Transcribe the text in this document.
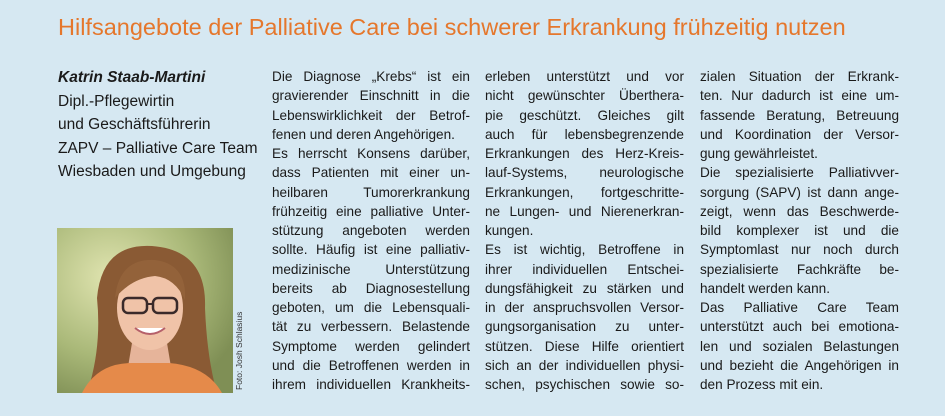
Hilfsangebote der Palliative Care bei schwerer Erkrankung frühzeitig nutzen
Katrin Staab-Martini
Dipl.-Pflegewirtin
und Geschäftsführerin
ZAPV – Palliative Care Team
Wiesbaden und Umgebung
Foto: Josh Schlasius
Die Diagnose „Krebs“ ist ein
gravierender Einschnitt in die
Lebenswirklichkeit der Betrof-
fenen und deren Angehörigen.
Es herrscht Konsens darüber,
dass Patienten mit einer un-
heilbaren Tumorerkrankung
frühzeitig eine palliative Unter-
stützung angeboten werden
sollte. Häufig ist eine palliativ-
medizinische Unterstützung
bereits ab Diagnosestellung
geboten, um die Lebensquali-
tät zu verbessern. Belastende
Symptome werden gelindert
und die Betroffenen werden in
ihrem individuellen Krankheits-
erleben unterstützt und vor
nicht gewünschter Überthera-
pie geschützt. Gleiches gilt
auch für lebensbegrenzende
Erkrankungen des Herz-Kreis-
lauf-Systems, neurologische
Erkrankungen, fortgeschritte-
ne Lungen- und Nierenerkran-
kungen.
Es ist wichtig, Betroffene in
ihrer individuellen Entschei-
dungsfähigkeit zu stärken und
in der anspruchsvollen Versor-
gungsorganisation zu unter-
stützen. Diese Hilfe orientiert
sich an der individuellen physi-
schen, psychischen sowie so-
zialen Situation der Erkrank-
ten. Nur dadurch ist eine um-
fassende Beratung, Betreuung
und Koordination der Versor-
gung gewährleistet.
Die spezialisierte Palliativver-
sorgung (SAPV) ist dann ange-
zeigt, wenn das Beschwerde-
bild komplexer ist und die
Symptomlast nur noch durch
spezialisierte Fachkräfte be-
handelt werden kann.
Das Palliative Care Team
unterstützt auch bei emotiona-
len und sozialen Belastungen
und bezieht die Angehörigen in
den Prozess mit ein.
